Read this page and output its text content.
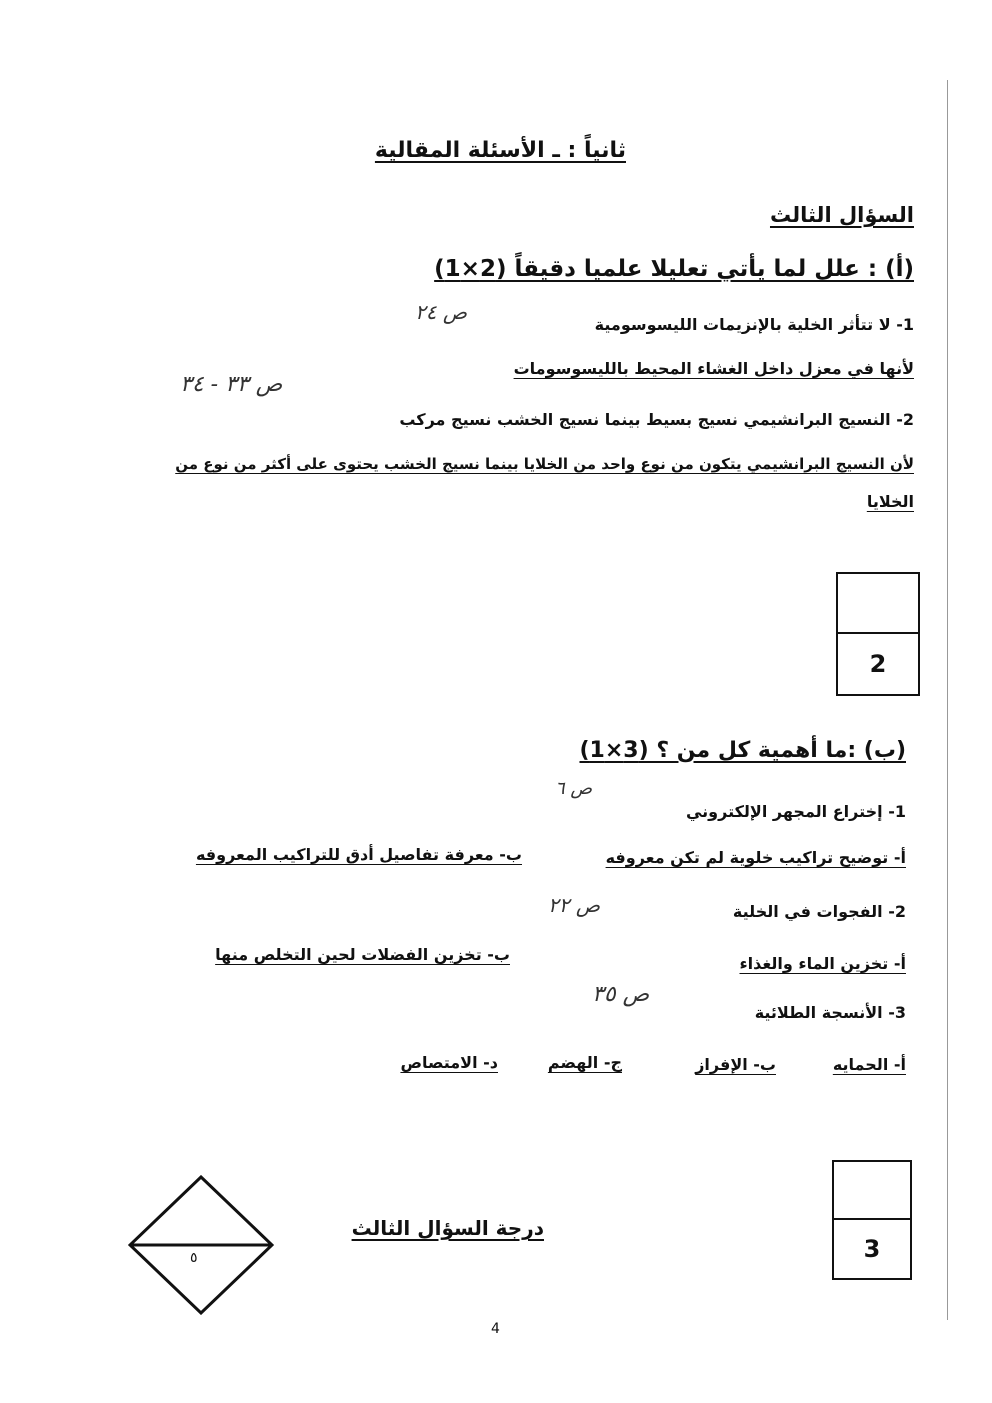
ثانياً : ـ الأسئلة المقالية
السؤال الثالث
(أ) : علل لما يأتي تعليلا علميا دقيقاً (2×1)
1- لا تتأثر الخلية بالإنزيمات الليسوسومية
ص ٢٤
لأنها في معزل داخل الغشاء المحيط بالليسوسومات
ص ٣٣ - ٣٤
2- النسيج البرانشيمي نسيج بسيط بينما نسيج الخشب نسيج مركب
لأن النسيج البرانشيمي يتكون من نوع واحد من الخلايا بينما نسيج الخشب يحتوى على أكثر من نوع من
الخلايا
2
(ب) :ما أهمية كل من ؟ (3×1)
ص ٦
1- إختراع المجهر الإلكتروني
أ- توضيح تراكيب خلوية لم تكن معروفه
ب- معرفة تفاصيل أدق للتراكيب المعروفه
ص ٢٢	2- الفجوات في الخلية
أ- تخزين الماء والغذاء
ب- تخزين الفضلات لحين التخلص منها
ص ٣٥
3- الأنسجة الطلائية
أ- الحمايه
ب- الإفراز
ج- الهضم
د- الامتصاص
3
درجة السؤال الثالث
٥
4
